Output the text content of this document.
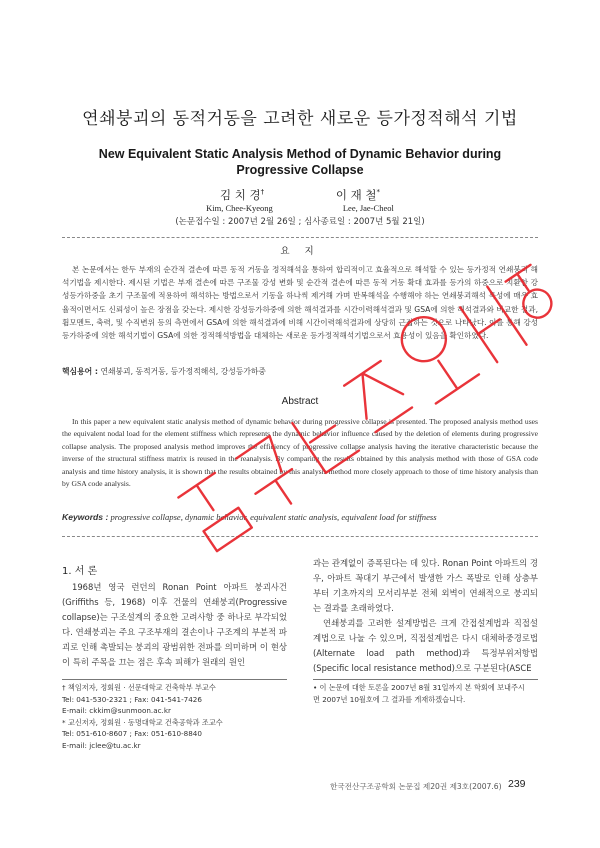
연쇄붕괴의 동적거동을 고려한 새로운 등가정적해석 기법
New Equivalent Static Analysis Method of Dynamic Behavior during Progressive Collapse
김 치 경†	이 재 철*
Kim, Chee-Kyeong	Lee, Jae-Cheol
(논문접수일 : 2007년 2월 26일 ; 심사종료일 : 2007년 5월 21일)
요 지

본 논문에서는 한두 부재의 순간적 결손에 따른 동적 거동을 정적해석을 통하여 합리적이고 효율적으로 해석할 수 있는 등가정적 연쇄붕괴 해석기법을 제시한다. 제시된 기법은 부재 결손에 따른 구조물 강성 변화 및 순간적 결손에 따른 동적 거동 확대 효과를 등가의 하중으로 치환한 강성등가하중을 초기 구조물에 적용하여 해석하는 방법으로서 기동을 하나씩 제거해 가며 반복해석을 수행해야 하는 연쇄붕괴해석 특성에 매우 효율적이면서도 신뢰성이 높은 장점을 갖는다. 제시한 강성등가하중에 의한 해석결과를 시간이력해석결과 및 GSA에 의한 해석결과와 비교한 결과, 휨모멘트, 축력, 및 수직변위 등의 측면에서 GSA에 의한 해석결과에 비해 시간이력해석결과에 상당히 근접하는 것으로 나타났다. 이를 통해 강성등가하중에 의한 해석기법이 GSA에 의한 정적해석방법을 대체하는 새로운 등가정적해석기법으로서 효용성이 있음을 확인하였다.

핵심용어 : 연쇄붕괴, 동적거동, 등가정적해석, 강성등가하중
Abstract

In this paper a new equivalent static analysis method of dynamic behavior during progressive collapse is presented. The proposed analysis method uses the equivalent nodal load for the element stiffness which represents the dynamic behavior influence caused by the deletion of elements during progressive collapse analysis. The proposed analysis method improves the efficiency of progressive collapse analysis having the iterative characteristic because the inverse of the structural stiffness matrix is reused in the reanalysis. By comparing the results obtained by this analysis method with those of GSA code analysis and time history analysis, it is shown that the results obtained by this analysis method more closely approach to those of time history analysis than by GSA code analysis.

Keywords : progressive collapse, dynamic behavior, equivalent static analysis, equivalent load for stiffness
1. 서 론

1968년 영국 런던의 Ronan Point 아파트 붕괴사건(Griffiths 등, 1968) 이후 건물의 연쇄붕괴(Progressive collapse)는 구조설계의 중요한 고려사항 중 하나로 부각되었다. 연쇄붕괴는 주요 구조부재의 결손이나 구조계의 부분적 파괴로 인해 촉발되는 붕괴의 광범위한 전파를 의미하며 이 현상이 특히 주목을 끄는 점은 후속 피해가 원래의 원인

과는 관계없이 증폭된다는 데 있다. Ronan Point 아파트의 경우, 아파트 꼭대기 부근에서 발생한 가스 폭발로 인해 상층부부터 기초까지의 모서리부분 전체 외벽이 연쇄적으로 붕괴되는 결과를 초래하였다.

연쇄붕괴를 고려한 설계방법은 크게 간접설계법과 직접설계법으로 나눌 수 있으며, 직접설계법은 다시 대체하중경로법(Alternate load path method)과 특정부위저항법(Specific local resistance method)으로 구분된다(ASCE

† 책임저자, 정회원 · 선문대학교 건축학부 부교수
Tel: 041-530-2321 ; Fax: 041-541-7426
E-mail: ckkim@sunmoon.ac.kr
* 교신저자, 정회원 · 동명대학교 건축공학과 조교수
Tel: 051-610-8607 ; Fax: 051-610-8840
E-mail: jclee@tu.ac.kr
• 이 논문에 대한 토론을 2007년 8월 31일까지 본 학회에 보내주시
면 2007년 10월호에 그 결과를 게재하겠습니다.
한국전산구조공학회 논문집 제20권 제3호(2007.6) 239
